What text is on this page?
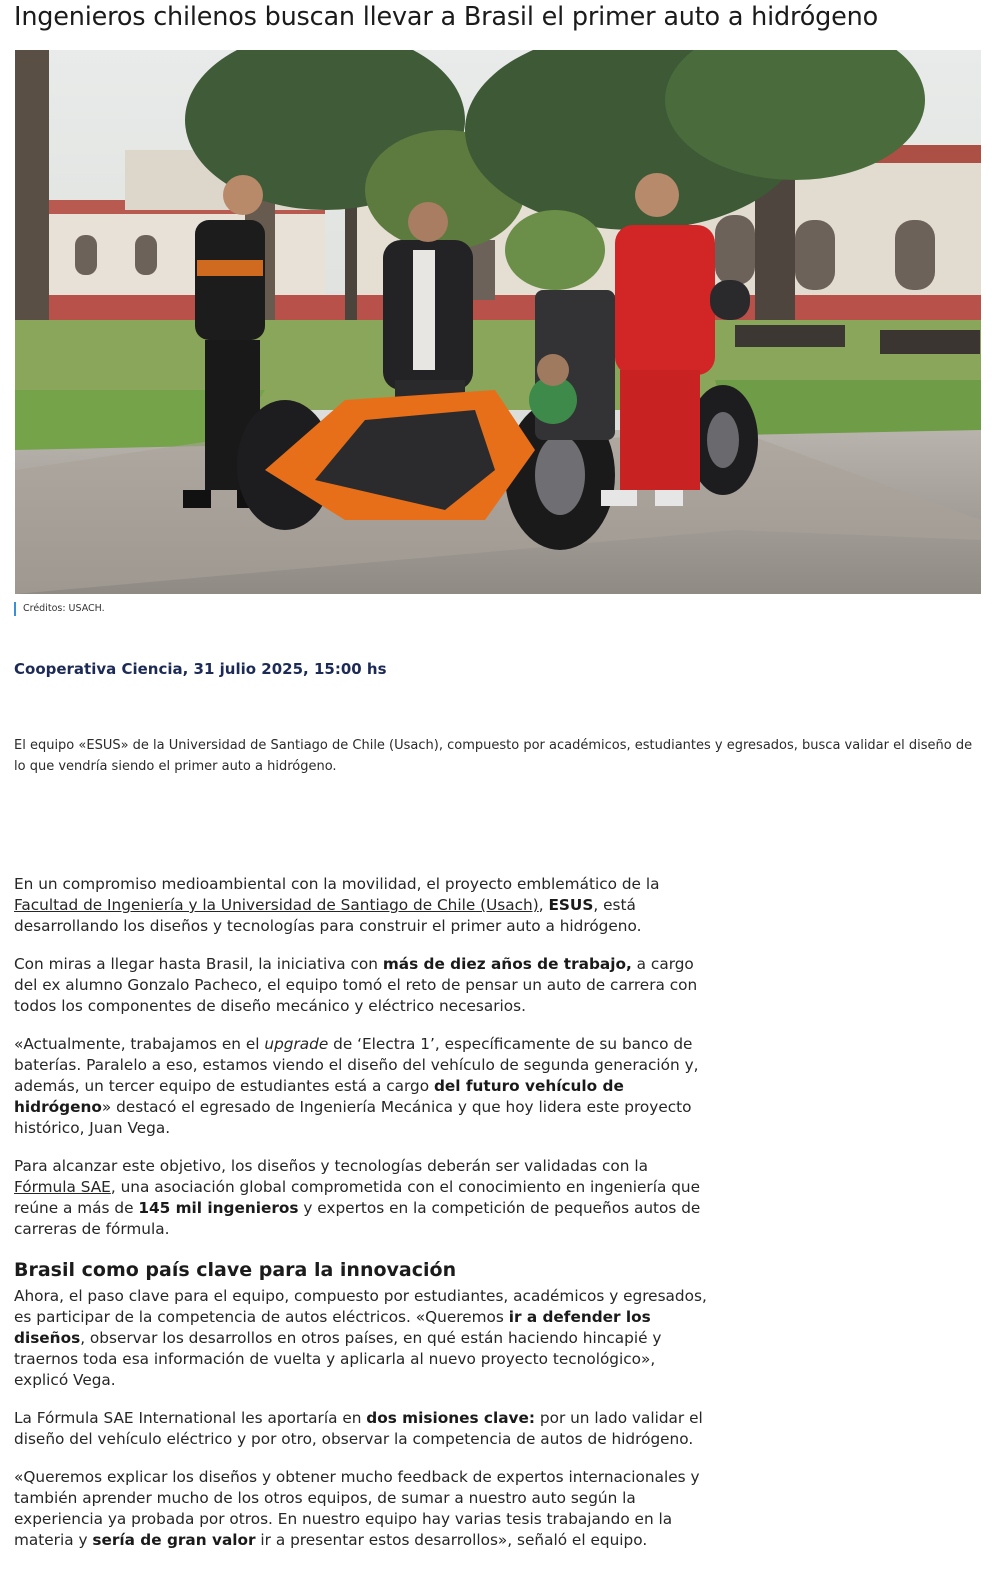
Ingenieros chilenos buscan llevar a Brasil el primer auto a hidrógeno
Créditos: USACH.

Cooperativa Ciencia, 31 julio 2025, 15:00 hs

El equipo «ESUS» de la Universidad de Santiago de Chile (Usach), compuesto por académicos, estudiantes y egresados, busca validar el diseño de lo que vendría siendo el primer auto a hidrógeno.

En un compromiso medioambiental con la movilidad, el proyecto emblemático de la Facultad de Ingeniería y la Universidad de Santiago de Chile (Usach), ESUS, está desarrollando los diseños y tecnologías para construir el primer auto a hidrógeno.

Con miras a llegar hasta Brasil, la iniciativa con más de diez años de trabajo, a cargo del ex alumno Gonzalo Pacheco, el equipo tomó el reto de pensar un auto de carrera con todos los componentes de diseño mecánico y eléctrico necesarios.

«Actualmente, trabajamos en el upgrade de ‘Electra 1’, específicamente de su banco de baterías. Paralelo a eso, estamos viendo el diseño del vehículo de segunda generación y, además, un tercer equipo de estudiantes está a cargo del futuro vehículo de hidrógeno» destacó el egresado de Ingeniería Mecánica y que hoy lidera este proyecto histórico, Juan Vega.

Para alcanzar este objetivo, los diseños y tecnologías deberán ser validadas con la Fórmula SAE, una asociación global comprometida con el conocimiento en ingeniería que reúne a más de 145 mil ingenieros y expertos en la competición de pequeños autos de carreras de fórmula.

Brasil como país clave para la innovación

Ahora, el paso clave para el equipo, compuesto por estudiantes, académicos y egresados, es participar de la competencia de autos eléctricos. «Queremos ir a defender los diseños, observar los desarrollos en otros países, en qué están haciendo hincapié y traernos toda esa información de vuelta y aplicarla al nuevo proyecto tecnológico», explicó Vega.

La Fórmula SAE International les aportaría en dos misiones clave: por un lado validar el diseño del vehículo eléctrico y por otro, observar la competencia de autos de hidrógeno.

«Queremos explicar los diseños y obtener mucho feedback de expertos internacionales y también aprender mucho de los otros equipos, de sumar a nuestro auto según la experiencia ya probada por otros. En nuestro equipo hay varias tesis trabajando en la materia y sería de gran valor ir a presentar estos desarrollos», señaló el equipo.
